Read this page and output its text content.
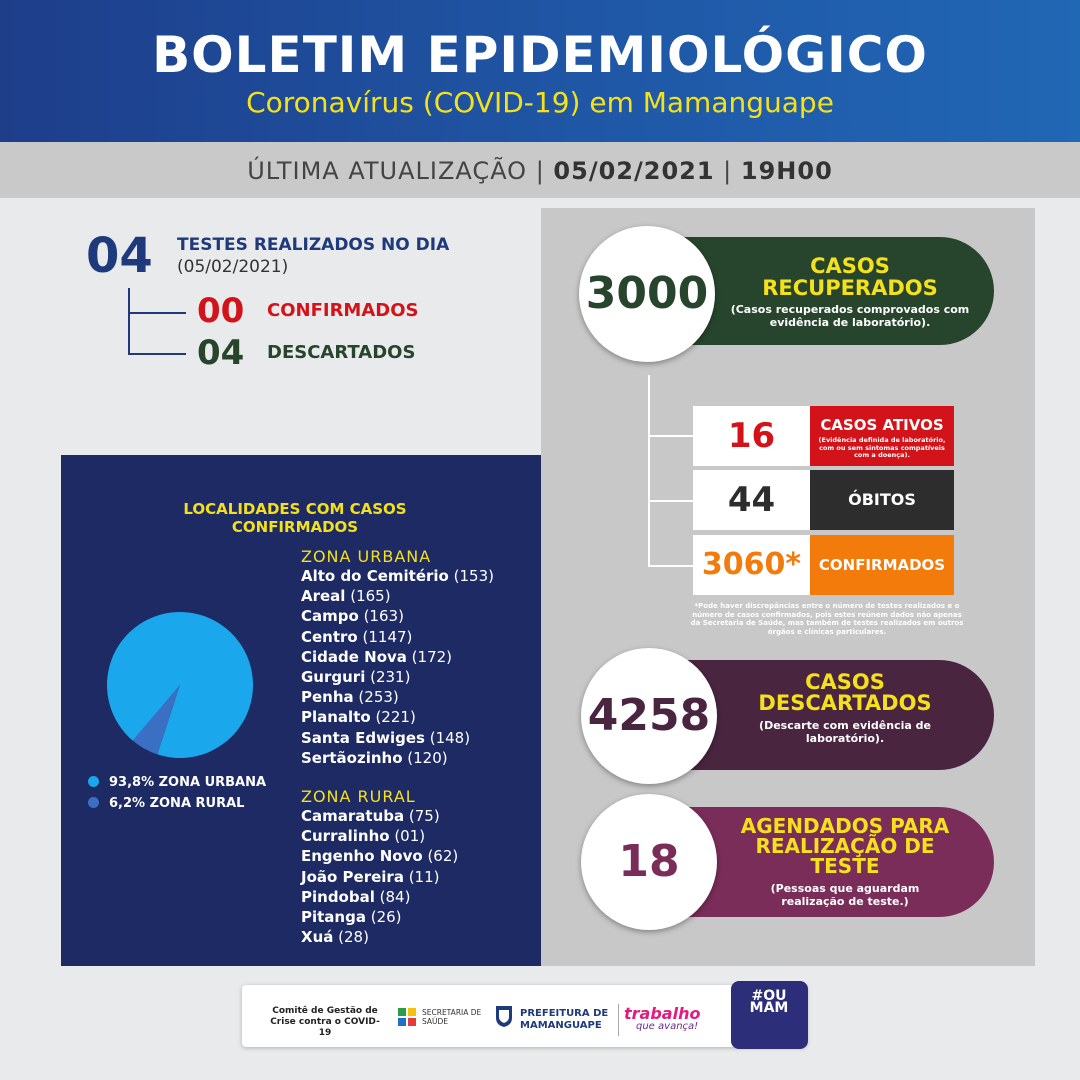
BOLETIM EPIDEMIOLÓGICO
Coronavírus (COVID-19) em Mamanguape
ÚLTIMA ATUALIZAÇÃO | 05/02/2021 | 19H00
04 TESTES REALIZADOS NO DIA
(05/02/2021)
00 CONFIRMADOS
04 DESCARTADOS
LOCALIDADES COM CASOS CONFIRMADOS
ZONA URBANA
Alto do Cemitério (153)
Areal (165)
Campo (163)
Centro (1147)
Cidade Nova (172)
Gurguri (231)
Penha (253)
Planalto (221)
Santa Edwiges (148)
Sertãozinho (120)
ZONA RURAL
Camaratuba (75)
Curralinho (01)
Engenho Novo (62)
João Pereira (11)
Pindobal (84)
Pitanga (26)
Xuá (28)
93,8% ZONA URBANA
6,2% ZONA RURAL
3000
CASOS RECUPERADOS
(Casos recuperados comprovados com evidência de laboratório).
16	CASOS ATIVOS
(Evidência definida de laboratório, com ou sem sintomas compatíveis com a doença).
44	ÓBITOS
3060*	CONFIRMADOS
*Pode haver discrepâncias entre o número de testes realizados e o número de casos confirmados, pois estes reúnem dados não apenas da Secretaria de Saúde, mas também de testes realizados em outros órgãos e clínicas particulares.
4258
CASOS DESCARTADOS
(Descarte com evidência de laboratório).
18
AGENDADOS PARA REALIZAÇÃO DE TESTE
(Pessoas que aguardam realização de teste.)
Comitê de Gestão de Crise contra o COVID-19
SECRETARIA DE SAÚDE
PREFEITURA DE MAMANGUAPE
trabalho
que avança!
#OU MAM
